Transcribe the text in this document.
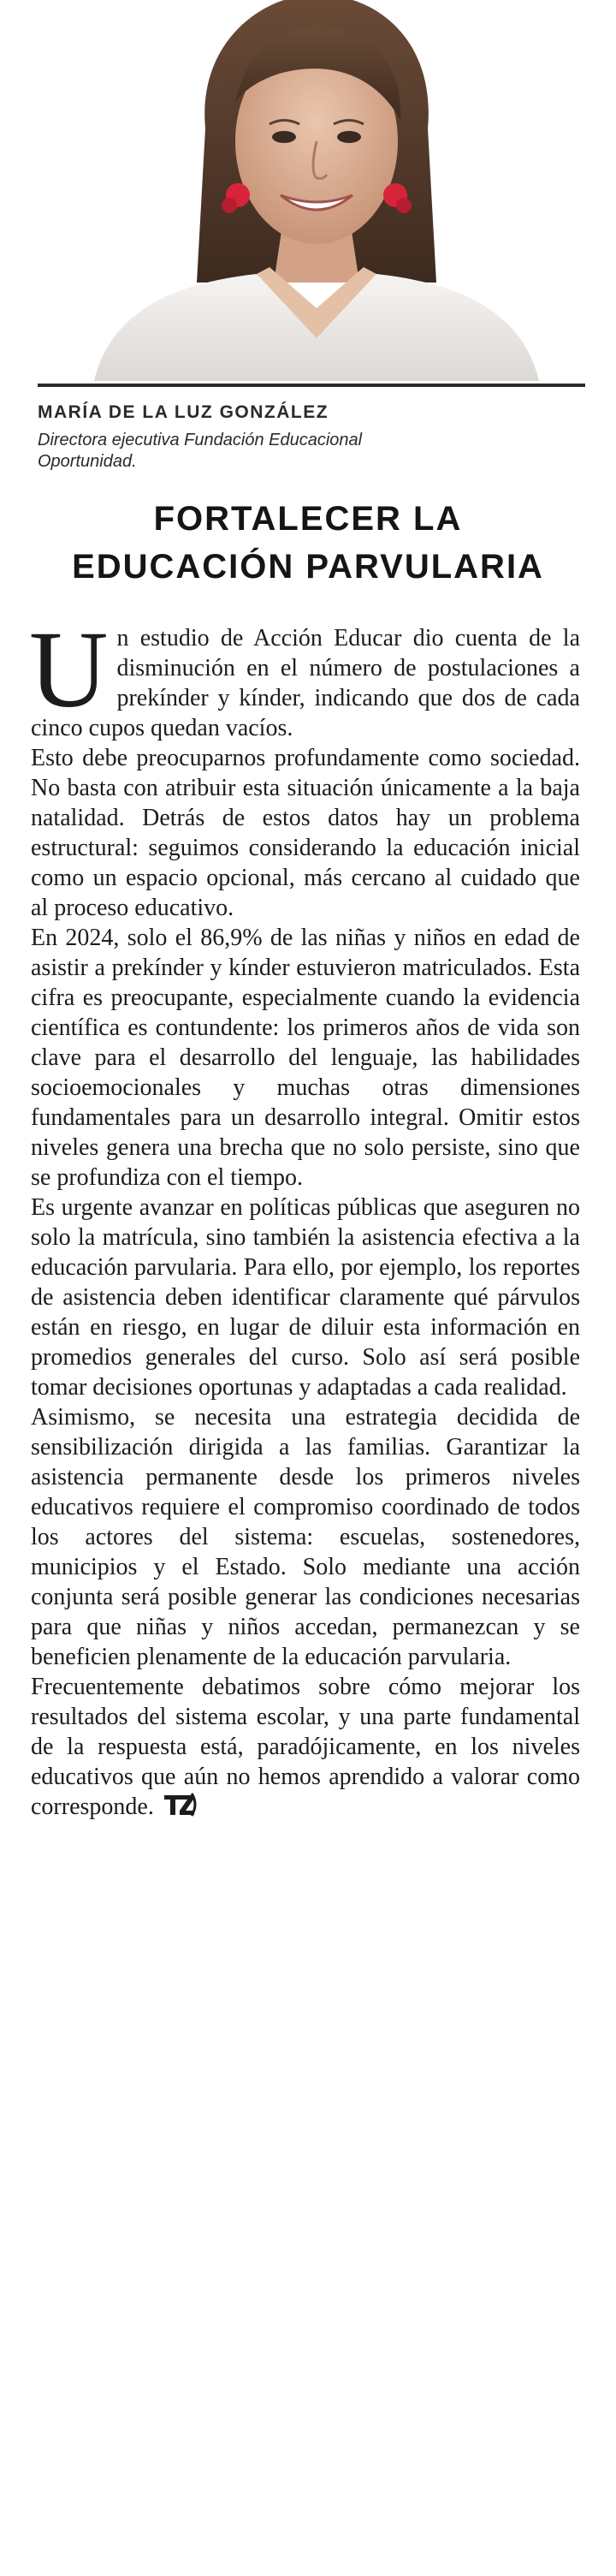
MARÍA DE LA LUZ GONZÁLEZ
Directora ejecutiva Fundación Educacional Oportunidad.
FORTALECER LA
EDUCACIÓN PARVULARIA

Un estudio de Acción Educar dio cuenta de la disminución en el número de postulaciones a prekínder y kínder, indicando que dos de cada cinco cupos quedan vacíos.

Esto debe preocuparnos profundamente como sociedad. No basta con atribuir esta situación únicamente a la baja natalidad. Detrás de estos datos hay un problema estructural: seguimos considerando la educación inicial como un espacio opcional, más cercano al cuidado que al proceso educativo.

En 2024, solo el 86,9% de las niñas y niños en edad de asistir a prekínder y kínder estuvieron matriculados. Esta cifra es preocupante, especialmente cuando la evidencia científica es contundente: los primeros años de vida son clave para el desarrollo del lenguaje, las habilidades socioemocionales y muchas otras dimensiones fundamentales para un desarrollo integral. Omitir estos niveles genera una brecha que no solo persiste, sino que se profundiza con el tiempo.

Es urgente avanzar en políticas públicas que aseguren no solo la matrícula, sino también la asistencia efectiva a la educación parvularia. Para ello, por ejemplo, los reportes de asistencia deben identificar claramente qué párvulos están en riesgo, en lugar de diluir esta información en promedios generales del curso. Solo así será posible tomar decisiones oportunas y adaptadas a cada realidad.

Asimismo, se necesita una estrategia decidida de sensibilización dirigida a las familias. Garantizar la asistencia permanente desde los primeros niveles educativos requiere el compromiso coordinado de todos los actores del sistema: escuelas, sostenedores, municipios y el Estado. Solo mediante una acción conjunta será posible generar las condiciones necesarias para que niñas y niños accedan, permanezcan y se beneficien plenamente de la educación parvularia.

Frecuentemente debatimos sobre cómo mejorar los resultados del sistema escolar, y una parte fundamental de la respuesta está, paradójicamente, en los niveles educativos que aún no hemos aprendido a valorar como corresponde.
